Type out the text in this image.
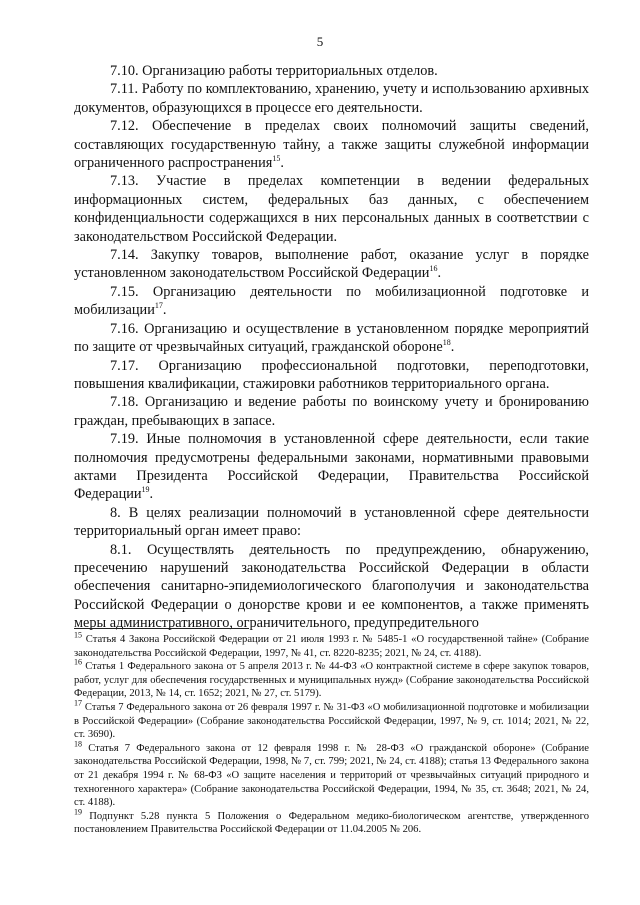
5

7.10. Организацию работы территориальных отделов.

7.11. Работу по комплектованию, хранению, учету и использованию архивных документов, образующихся в процессе его деятельности.

7.12. Обеспечение в пределах своих полномочий защиты сведений, составляющих государственную тайну, а также защиты служебной информации ограниченного распространения$^{15}$.

7.13. Участие в пределах компетенции в ведении федеральных информационных систем, федеральных баз данных, с обеспечением конфиденциальности содержащихся в них персональных данных в соответствии с законодательством Российской Федерации.

7.14. Закупку товаров, выполнение работ, оказание услуг в порядке установленном законодательством Российской Федерации$^{16}$.

7.15. Организацию деятельности по мобилизационной подготовке и мобилизации$^{17}$.

7.16. Организацию и осуществление в установленном порядке мероприятий по защите от чрезвычайных ситуаций, гражданской обороне$^{18}$.

7.17. Организацию профессиональной подготовки, переподготовки, повышения квалификации, стажировки работников территориального органа.

7.18. Организацию и ведение работы по воинскому учету и бронированию граждан, пребывающих в запасе.

7.19. Иные полномочия в установленной сфере деятельности, если такие полномочия предусмотрены федеральными законами, нормативными правовыми актами Президента Российской Федерации, Правительства Российской Федерации$^{19}$.

8. В целях реализации полномочий в установленной сфере деятельности территориальный орган имеет право:

8.1. Осуществлять деятельность по предупреждению, обнаружению, пресечению нарушений законодательства Российской Федерации в области обеспечения санитарно-эпидемиологического благополучия и законодательства Российской Федерации о донорстве крови и ее компонентов, а также применять меры административного, ограничительного, предупредительного

$^{15}$ Статья 4 Закона Российской Федерации от 21 июля 1993 г. № 5485-1 «О государственной тайне» (Собрание законодательства Российской Федерации, 1997, № 41, ст. 8220-8235; 2021, № 24, ст. 4188).

$^{16}$ Статья 1 Федерального закона от 5 апреля 2013 г. № 44-ФЗ «О контрактной системе в сфере закупок товаров, работ, услуг для обеспечения государственных и муниципальных нужд» (Собрание законодательства Российской Федерации, 2013, № 14, ст. 1652; 2021, № 27, ст. 5179).

$^{17}$ Статья 7 Федерального закона от 26 февраля 1997 г. № 31-ФЗ «О мобилизационной подготовке и мобилизации в Российской Федерации» (Собрание законодательства Российской Федерации, 1997, № 9, ст. 1014; 2021, № 22, ст. 3690).

$^{18}$ Статья 7 Федерального закона от 12 февраля 1998 г. № 28-ФЗ «О гражданской обороне» (Собрание законодательства Российской Федерации, 1998, № 7, ст. 799; 2021, № 24, ст. 4188); статья 13 Федерального закона от 21 декабря 1994 г. № 68-ФЗ «О защите населения и территорий от чрезвычайных ситуаций природного и техногенного характера» (Собрание законодательства Российской Федерации, 1994, № 35, ст. 3648; 2021, № 24, ст. 4188).

$^{19}$ Подпункт 5.28 пункта 5 Положения о Федеральном медико-биологическом агентстве, утвержденного постановлением Правительства Российской Федерации от 11.04.2005 № 206.
